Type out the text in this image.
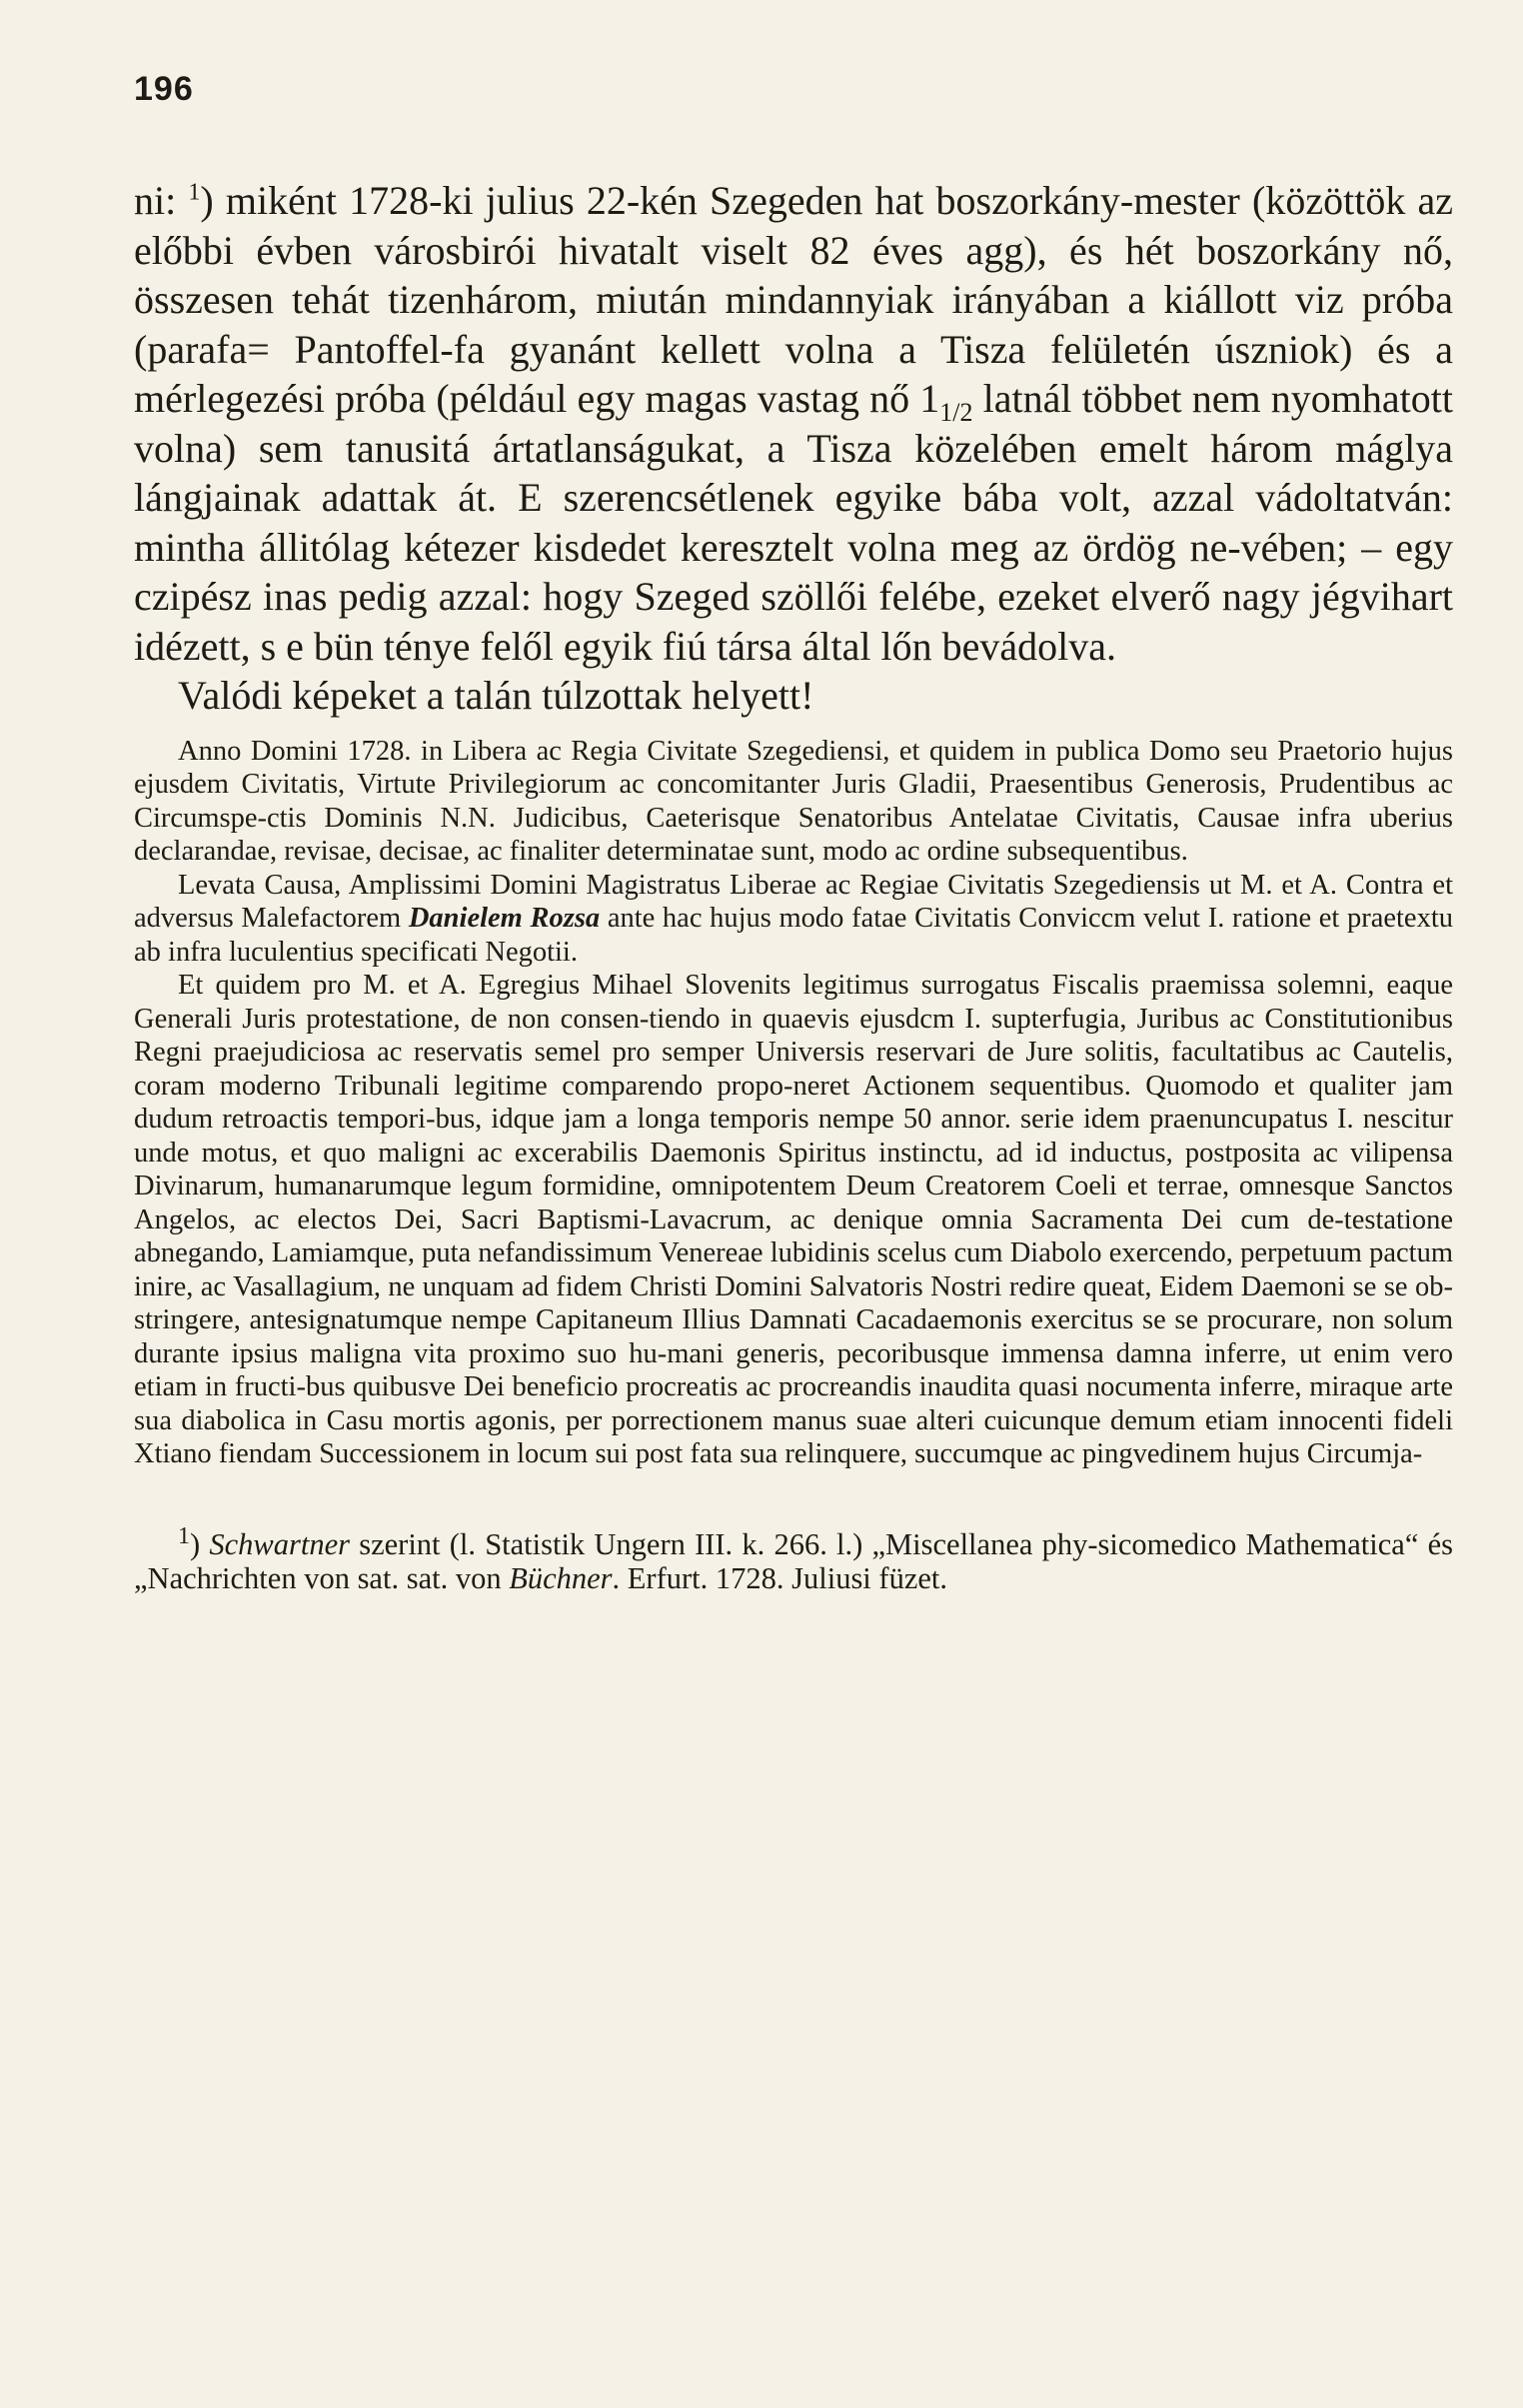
196

ni: $^1$) miként 1728-ki julius 22-kén Szegeden hat boszorkány-mester (közöttök az előbbi évben városbirói hivatalt viselt 82 éves agg), és hét boszorkány nő, összesen tehát tizenhárom, miután mindannyiak irányában a kiállott viz próba (parafa= Pantoffel-fa gyanánt kellett volna a Tisza felületén úszniok) és a mérlegezési próba (például egy magas vastag nő $1_{1/2}$ latnál többet nem nyomhatott volna) sem tanusitá ártatlanságukat, a Tisza közelében emelt három máglya lángjainak adattak át. E szerencsétlenek egyike bába volt, azzal vádoltatván: mintha állitólag kétezer kisdedet keresztelt volna meg az ördög ne-vében; – egy czipész inas pedig azzal: hogy Szeged szöllői felébe, ezeket elverő nagy jégvihart idézett, s e bün ténye felől egyik fiú társa által lőn bevádolva.

Valódi képeket a talán túlzottak helyett!

Anno Domini 1728. in Libera ac Regia Civitate Szegediensi, et quidem in publica Domo seu Praetorio hujus ejusdem Civitatis, Virtute Privilegiorum ac concomitanter Juris Gladii, Praesentibus Generosis, Prudentibus ac Circumspe-ctis Dominis N.N. Judicibus, Caeterisque Senatoribus Antelatae Civitatis, Causae infra uberius declarandae, revisae, decisae, ac finaliter determinatae sunt, modo ac ordine subsequentibus.

Levata Causa, Amplissimi Domini Magistratus Liberae ac Regiae Civitatis Szegediensis ut M. et A. Contra et adversus Malefactorem Danielem Rozsa ante hac hujus modo fatae Civitatis Conviccm velut I. ratione et praetextu ab infra luculentius specificati Negotii.

Et quidem pro M. et A. Egregius Mihael Slovenits legitimus surrogatus Fiscalis praemissa solemni, eaque Generali Juris protestatione, de non consen-tiendo in quaevis ejusdcm I. supterfugia, Juribus ac Constitutionibus Regni praejudiciosa ac reservatis semel pro semper Universis reservari de Jure solitis, facultatibus ac Cautelis, coram moderno Tribunali legitime comparendo propo-neret Actionem sequentibus. Quomodo et qualiter jam dudum retroactis tempori-bus, idque jam a longa temporis nempe 50 annor. serie idem praenuncupatus I. nescitur unde motus, et quo maligni ac excerabilis Daemonis Spiritus instinctu, ad id inductus, postposita ac vilipensa Divinarum, humanarumque legum formidine, omnipotentem Deum Creatorem Coeli et terrae, omnesque Sanctos Angelos, ac electos Dei, Sacri Baptismi-Lavacrum, ac denique omnia Sacramenta Dei cum de-testatione abnegando, Lamiamque, puta nefandissimum Venereae lubidinis scelus cum Diabolo exercendo, perpetuum pactum inire, ac Vasallagium, ne unquam ad fidem Christi Domini Salvatoris Nostri redire queat, Eidem Daemoni se se ob-stringere, antesignatumque nempe Capitaneum Illius Damnati Cacadaemonis exercitus se se procurare, non solum durante ipsius maligna vita proximo suo hu-mani generis, pecoribusque immensa damna inferre, ut enim vero etiam in fructi-bus quibusve Dei beneficio procreatis ac procreandis inaudita quasi nocumenta inferre, miraque arte sua diabolica in Casu mortis agonis, per porrectionem manus suae alteri cuicunque demum etiam innocenti fideli Xtiano fiendam Successionem in locum sui post fata sua relinquere, succumque ac pingvedinem hujus Circumja-

$^1$) Schwartner szerint (l. Statistik Ungern III. k. 266. l.) „Miscellanea phy-sicomedico Mathematica“ és „Nachrichten von sat. sat. von Büchner. Erfurt. 1728. Juliusi füzet.
